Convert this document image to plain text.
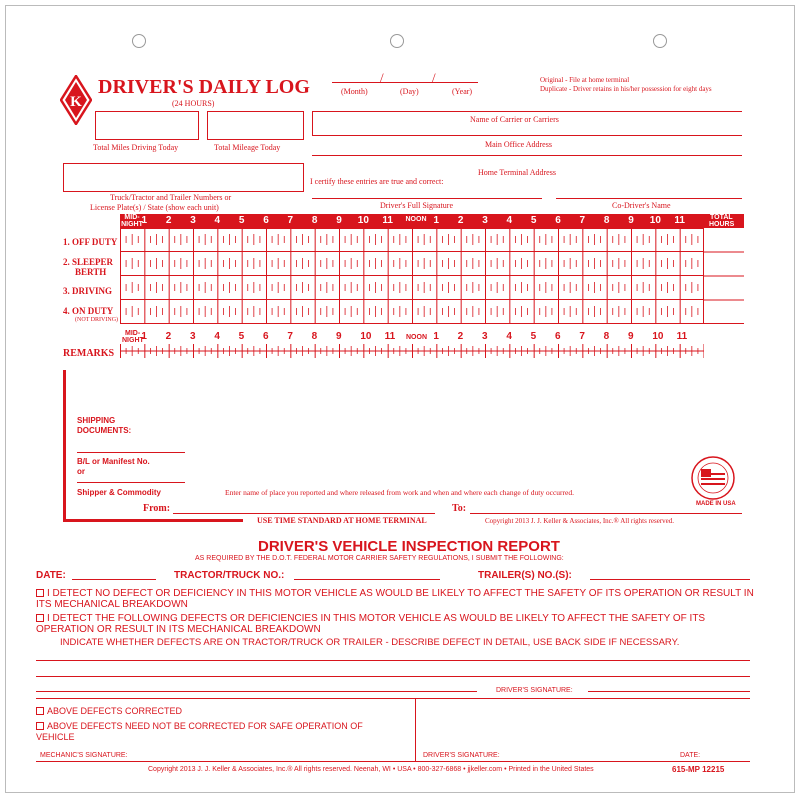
K
DRIVER'S DAILY LOG
(24 HOURS)
/	/
(Month)	(Day)	(Year)
Original - File at home terminal
Duplicate - Driver retains in his/her possession for eight days
Total Miles Driving Today	Total Mileage Today
Name of Carrier or Carriers
Main Office Address
Home Terminal Address
I certify these entries are true and correct:
Truck/Tractor and Trailer Numbers or
License Plate(s) / State (show each unit)	Driver's Full Signature	Co-Driver's Name
MID-
NIGHT
NOON
1 2 3 4 5 6 7 8 9 10 11	1 2 3 4 5 6 7 8 9 10 11	TOTAL
HOURS
1. OFF DUTY
2. SLEEPER
BERTH
3. DRIVING
4. ON DUTY
(NOT DRIVING)
MID-
NIGHT	NOON
1 2 3 4 5 6 7 8 9 10 11	1 2 3 4 5 6 7 8 9 10 11
REMARKS
SHIPPING
DOCUMENTS:
B/L or Manifest No.
or
Shipper & Commodity	Enter name of place you reported and where released from work and when and where each change of duty occurred.
MADE IN USA
From:	To:
USE TIME STANDARD AT HOME TERMINAL	Copyright 2013 J. J. Keller & Associates, Inc.® All rights reserved.
DRIVER'S VEHICLE INSPECTION REPORT
AS REQUIRED BY THE D.O.T. FEDERAL MOTOR CARRIER SAFETY REGULATIONS, I SUBMIT THE FOLLOWING:
DATE:	TRACTOR/TRUCK NO.:	TRAILER(S) NO.(S):
I DETECT NO DEFECT OR DEFICIENCY IN THIS MOTOR VEHICLE AS WOULD BE LIKELY TO AFFECT THE SAFETY OF ITS OPERATION OR RESULT IN ITS MECHANICAL BREAKDOWN
I DETECT THE FOLLOWING DEFECTS OR DEFICIENCIES IN THIS MOTOR VEHICLE AS WOULD BE LIKELY TO AFFECT THE SAFETY OF ITS OPERATION OR RESULT IN ITS MECHANICAL BREAKDOWN
INDICATE WHETHER DEFECTS ARE ON TRACTOR/TRUCK OR TRAILER - DESCRIBE DEFECT IN DETAIL, USE BACK SIDE IF NECESSARY.
DRIVER'S SIGNATURE:
ABOVE DEFECTS CORRECTED
ABOVE DEFECTS NEED NOT BE CORRECTED FOR SAFE OPERATION OF VEHICLE
MECHANIC'S SIGNATURE:	DRIVER'S SIGNATURE:	DATE:
Copyright 2013 J. J. Keller & Associates, Inc.® All rights reserved. Neenah, WI • USA • 800-327-6868 • jjkeller.com • Printed in the United States	615-MP 12215
